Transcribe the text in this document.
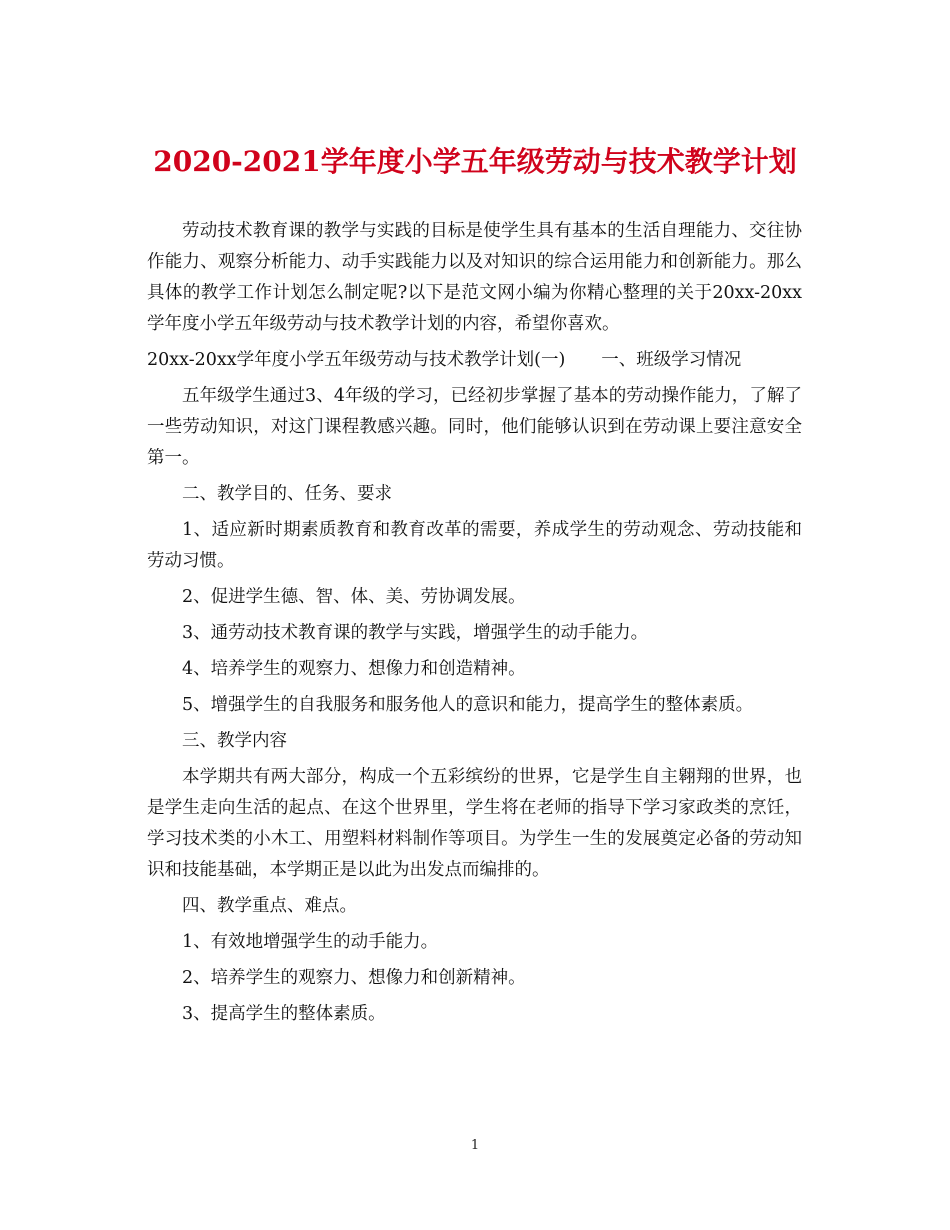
2020-2021学年度小学五年级劳动与技术教学计划

劳动技术教育课的教学与实践的目标是使学生具有基本的生活自理能力、交往协作能力、观察分析能力、动手实践能力以及对知识的综合运用能力和创新能力。那么具体的教学工作计划怎么制定呢?以下是范文网小编为你精心整理的关于20xx-20xx学年度小学五年级劳动与技术教学计划的内容，希望你喜欢。

20xx-20xx学年度小学五年级劳动与技术教学计划(一) 一、班级学习情况

五年级学生通过3、4年级的学习，已经初步掌握了基本的劳动操作能力，了解了一些劳动知识，对这门课程教感兴趣。同时，他们能够认识到在劳动课上要注意安全第一。

二、教学目的、任务、要求

1、适应新时期素质教育和教育改革的需要，养成学生的劳动观念、劳动技能和劳动习惯。

2、促进学生德、智、体、美、劳协调发展。

3、通劳动技术教育课的教学与实践，增强学生的动手能力。

4、培养学生的观察力、想像力和创造精神。

5、增强学生的自我服务和服务他人的意识和能力，提高学生的整体素质。

三、教学内容

本学期共有两大部分，构成一个五彩缤纷的世界，它是学生自主翱翔的世界，也是学生走向生活的起点、在这个世界里，学生将在老师的指导下学习家政类的烹饪，学习技术类的小木工、用塑料材料制作等项目。为学生一生的发展奠定必备的劳动知识和技能基础，本学期正是以此为出发点而编排的。

四、教学重点、难点。

1、有效地增强学生的动手能力。

2、培养学生的观察力、想像力和创新精神。

3、提高学生的整体素质。

1
